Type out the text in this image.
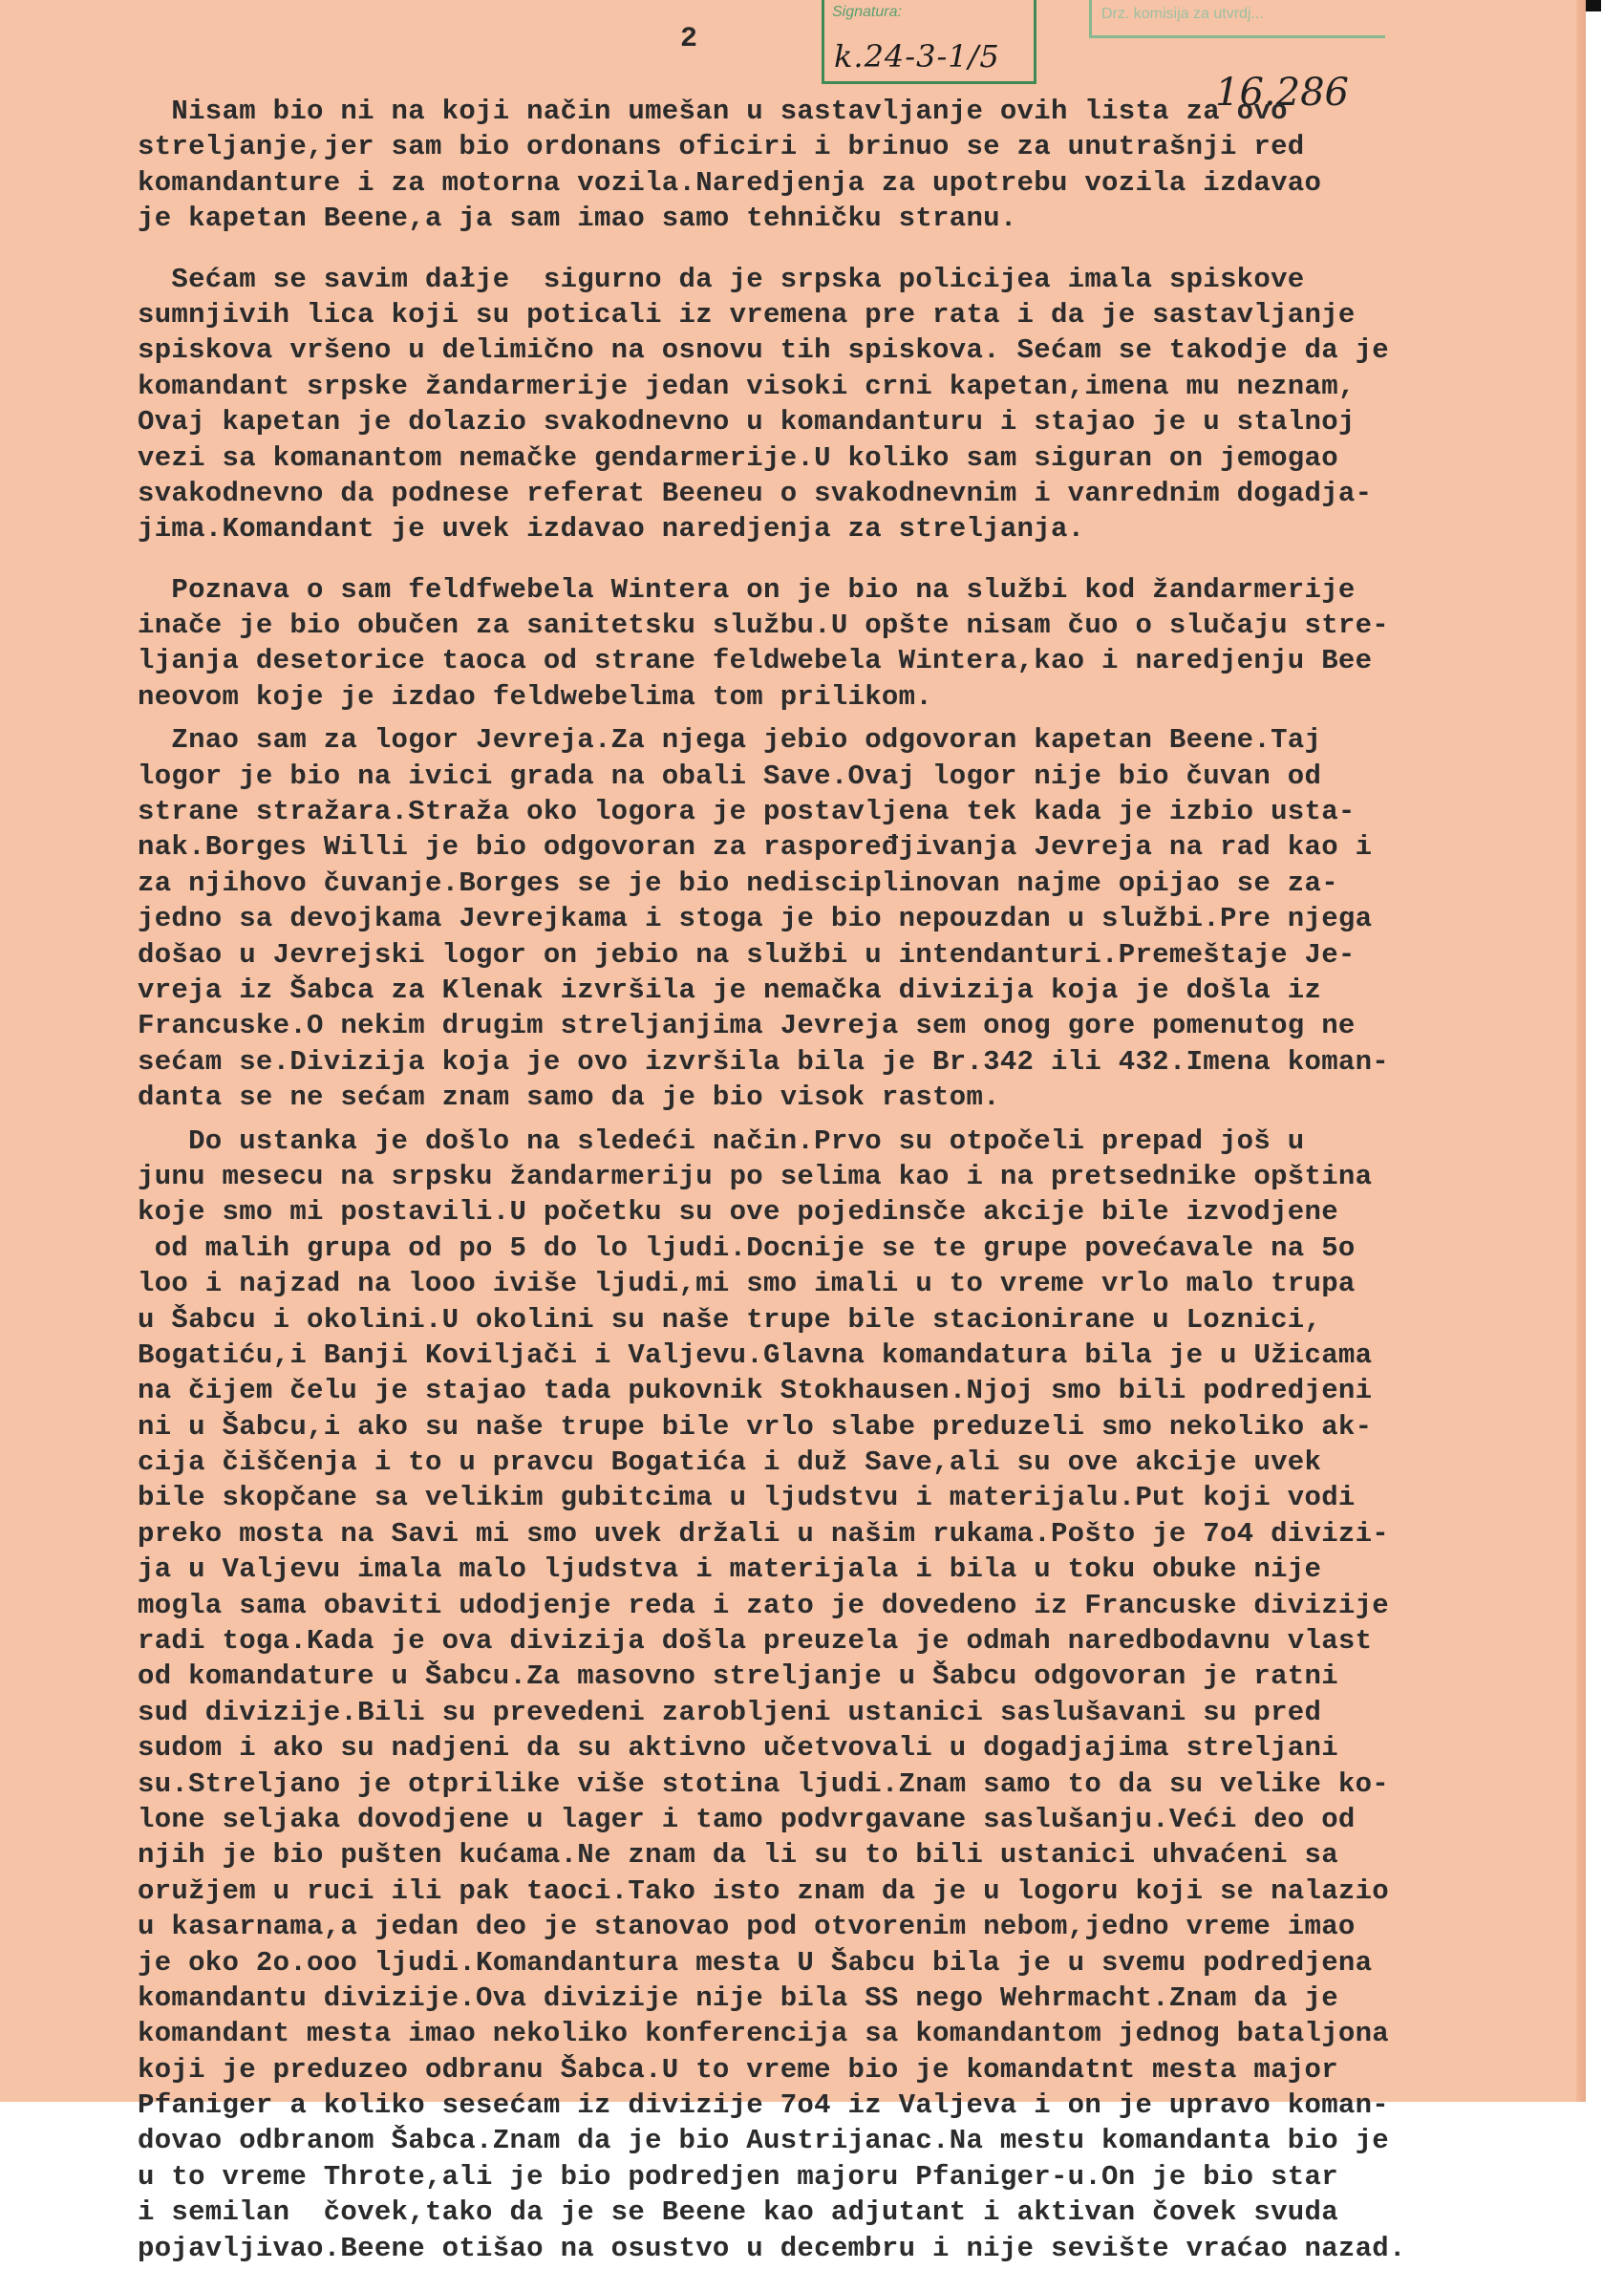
2
Signatura:
k.24-3-1/5
Drz. komisija za utvrdj...
16.286
Nisam bio ni na koji način umešan u sastavljanje ovih lista za ovo
streljanje,jer sam bio ordonans oficiri i brinuo se za unutrašnji red
komandanture i za motorna vozila.Naredjenja za upotrebu vozila izdavao
je kapetan Beene,a ja sam imao samo tehničku stranu.
Sećam se savim dałje  sigurno da je srpska policijea imala spiskove
sumnjivih lica koji su poticali iz vremena pre rata i da je sastavljanje
spiskova vršeno u delimično na osnovu tih spiskova. Sećam se takodje da je
komandant srpske žandarmerije jedan visoki crni kapetan,imena mu neznam,
Ovaj kapetan je dolazio svakodnevno u komandanturu i stajao je u stalnoj
vezi sa komanantom nemačke gendarmerije.U koliko sam siguran on jemogao
svakodnevno da podnese referat Beeneu o svakodnevnim i vanrednim dogadja-
jima.Komandant je uvek izdavao naredjenja za streljanja.
Poznava o sam feldfwebela Wintera on je bio na službi kod žandarmerije
inače je bio obučen za sanitetsku službu.U opšte nisam čuo o slučaju stre-
ljanja desetorice taoca od strane feldwebela Wintera,kao i naredjenju Bee
neovom koje je izdao feldwebelima tom prilikom.
Znao sam za logor Jevreja.Za njega jebio odgovoran kapetan Beene.Taj
logor je bio na ivici grada na obali Save.Ovaj logor nije bio čuvan od
strane stražara.Straža oko logora je postavljena tek kada je izbio usta-
nak.Borges Willi je bio odgovoran za raspoređjivanja Jevreja na rad kao i
za njihovo čuvanje.Borges se je bio nedisciplinovan najme opijao se za-
jedno sa devojkama Jevrejkama i stoga je bio nepouzdan u službi.Pre njega
došao u Jevrejski logor on jebio na službi u intendanturi.Premeštaje Je-
vreja iz Šabca za Klenak izvršila je nemačka divizija koja je došla iz
Francuske.O nekim drugim streljanjima Jevreja sem onog gore pomenutog ne
sećam se.Divizija koja je ovo izvršila bila je Br.342 ili 432.Imena koman-
danta se ne sećam znam samo da je bio visok rastom.
Do ustanka je došlo na sledeći način.Prvo su otpočeli prepad još u
junu mesecu na srpsku žandarmeriju po selima kao i na pretsednike opština
koje smo mi postavili.U početku su ove pojedinsče akcije bile izvodjene
od malih grupa od po 5 do lo ljudi.Docnije se te grupe povećavale na 5o
loo i najzad na looo iviše ljudi,mi smo imali u to vreme vrlo malo trupa
u Šabcu i okolini.U okolini su naše trupe bile stacionirane u Loznici,
Bogatiću,i Banji Koviljači i Valjevu.Glavna komandatura bila je u Užicama
na čijem čelu je stajao tada pukovnik Stokhausen.Njoj smo bili podredjeni
ni u Šabcu,i ako su naše trupe bile vrlo slabe preduzeli smo nekoliko ak-
cija čiščenja i to u pravcu Bogatića i duž Save,ali su ove akcije uvek
bile skopčane sa velikim gubitcima u ljudstvu i materijalu.Put koji vodi
preko mosta na Savi mi smo uvek držali u našim rukama.Pošto je 7o4 divizi-
ja u Valjevu imala malo ljudstva i materijala i bila u toku obuke nije
mogla sama obaviti udodjenje reda i zato je dovedeno iz Francuske divizije
radi toga.Kada je ova divizija došla preuzela je odmah naredbodavnu vlast
od komandature u Šabcu.Za masovno streljanje u Šabcu odgovoran je ratni
sud divizije.Bili su prevedeni zarobljeni ustanici saslušavani su pred
sudom i ako su nadjeni da su aktivno učetvovali u dogadjajima streljani
su.Streljano je otprilike više stotina ljudi.Znam samo to da su velike ko-
lone seljaka dovodjene u lager i tamo podvrgavane saslušanju.Veći deo od
njih je bio pušten kućama.Ne znam da li su to bili ustanici uhvaćeni sa
oružjem u ruci ili pak taoci.Tako isto znam da je u logoru koji se nalazio
u kasarnama,a jedan deo je stanovao pod otvorenim nebom,jedno vreme imao
je oko 2o.ooo ljudi.Komandantura mesta U Šabcu bila je u svemu podredjena
komandantu divizije.Ova divizije nije bila SS nego Wehrmacht.Znam da je
komandant mesta imao nekoliko konferencija sa komandantom jednog bataljona
koji je preduzeo odbranu Šabca.U to vreme bio je komandatnt mesta major
Pfaniger a koliko sesećam iz divizije 7o4 iz Valjeva i on je upravo koman-
dovao odbranom Šabca.Znam da je bio Austrijanac.Na mestu komandanta bio je
u to vreme Throte,ali je bio podredjen majoru Pfaniger-u.On je bio star
i semilan  čovek,tako da je se Beene kao adjutant i aktivan čovek svuda
pojavljivao.Beene otišao na osustvo u decembru i nije sevište vraćao nazad.
